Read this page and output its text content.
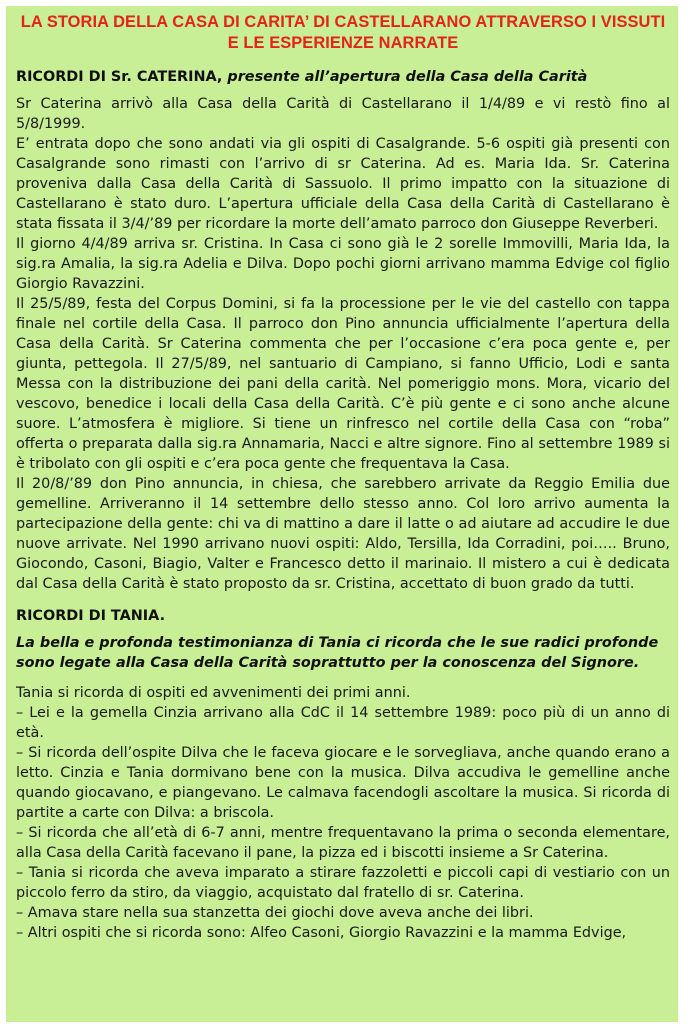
LA STORIA DELLA CASA DI CARITA’ DI CASTELLARANO ATTRAVERSO I VISSUTI E LE ESPERIENZE NARRATE
RICORDI DI Sr. CATERINA, presente all’apertura della Casa della Carità

Sr Caterina arrivò alla Casa della Carità di Castellarano il 1/4/89 e vi restò fino al 5/8/1999.

E’ entrata dopo che sono andati via gli ospiti di Casalgrande. 5-6 ospiti già presenti con Casalgrande sono rimasti con l’arrivo di sr Caterina. Ad es. Maria Ida. Sr. Caterina proveniva dalla Casa della Carità di Sassuolo. Il primo impatto con la situazione di Castellarano è stato duro. L’apertura ufficiale della Casa della Carità di Castellarano è stata fissata il 3/4/’89 per ricordare la morte dell’amato parroco don Giuseppe Reverberi.

Il giorno 4/4/89 arriva sr. Cristina. In Casa ci sono già le 2 sorelle Immovilli, Maria Ida, la sig.ra Amalia, la sig.ra Adelia e Dilva. Dopo pochi giorni arrivano mamma Edvige col figlio Giorgio Ravazzini.

Il 25/5/89, festa del Corpus Domini, si fa la processione per le vie del castello con tappa finale nel cortile della Casa. Il parroco don Pino annuncia ufficialmente l’apertura della Casa della Carità. Sr Caterina commenta che per l’occasione c’era poca gente e, per giunta, pettegola. Il 27/5/89, nel santuario di Campiano, si fanno Ufficio, Lodi e santa Messa con la distribuzione dei pani della carità. Nel pomeriggio mons. Mora, vicario del vescovo, benedice i locali della Casa della Carità. C’è più gente e ci sono anche alcune suore. L’atmosfera è migliore. Si tiene un rinfresco nel cortile della Casa con “roba” offerta o preparata dalla sig.ra Annamaria, Nacci e altre signore. Fino al settembre 1989 si è tribolato con gli ospiti e c’era poca gente che frequentava la Casa.

Il 20/8/’89 don Pino annuncia, in chiesa, che sarebbero arrivate da Reggio Emilia due gemelline. Arriveranno il 14 settembre dello stesso anno. Col loro arrivo aumenta la partecipazione della gente: chi va di mattino a dare il latte o ad aiutare ad accudire le due nuove arrivate. Nel 1990 arrivano nuovi ospiti: Aldo, Tersilla, Ida Corradini, poi….. Bruno, Giocondo, Casoni, Biagio, Valter e Francesco detto il marinaio. Il mistero a cui è dedicata dal Casa della Carità è stato proposto da sr. Cristina, accettato di buon grado da tutti.

RICORDI DI TANIA.
La bella e profonda testimonianza di Tania ci ricorda che le sue radici profonde sono legate alla Casa della Carità soprattutto per la conoscenza del Signore.

Tania si ricorda di ospiti ed avvenimenti dei primi anni.

– Lei e la gemella Cinzia arrivano alla CdC il 14 settembre 1989: poco più di un anno di età.

– Si ricorda dell’ospite Dilva che le faceva giocare e le sorvegliava, anche quando erano a letto. Cinzia e Tania dormivano bene con la musica. Dilva accudiva le gemelline anche quando giocavano, e piangevano. Le calmava facendogli ascoltare la musica. Si ricorda di partite a carte con Dilva: a briscola.

– Si ricorda che all’età di 6-7 anni, mentre frequentavano la prima o seconda elementare, alla Casa della Carità facevano il pane, la pizza ed i biscotti insieme a Sr Caterina.

– Tania si ricorda che aveva imparato a stirare fazzoletti e piccoli capi di vestiario con un piccolo ferro da stiro, da viaggio, acquistato dal fratello di sr. Caterina.

– Amava stare nella sua stanzetta dei giochi dove aveva anche dei libri.

– Altri ospiti che si ricorda sono: Alfeo Casoni, Giorgio Ravazzini e la mamma Edvige,
